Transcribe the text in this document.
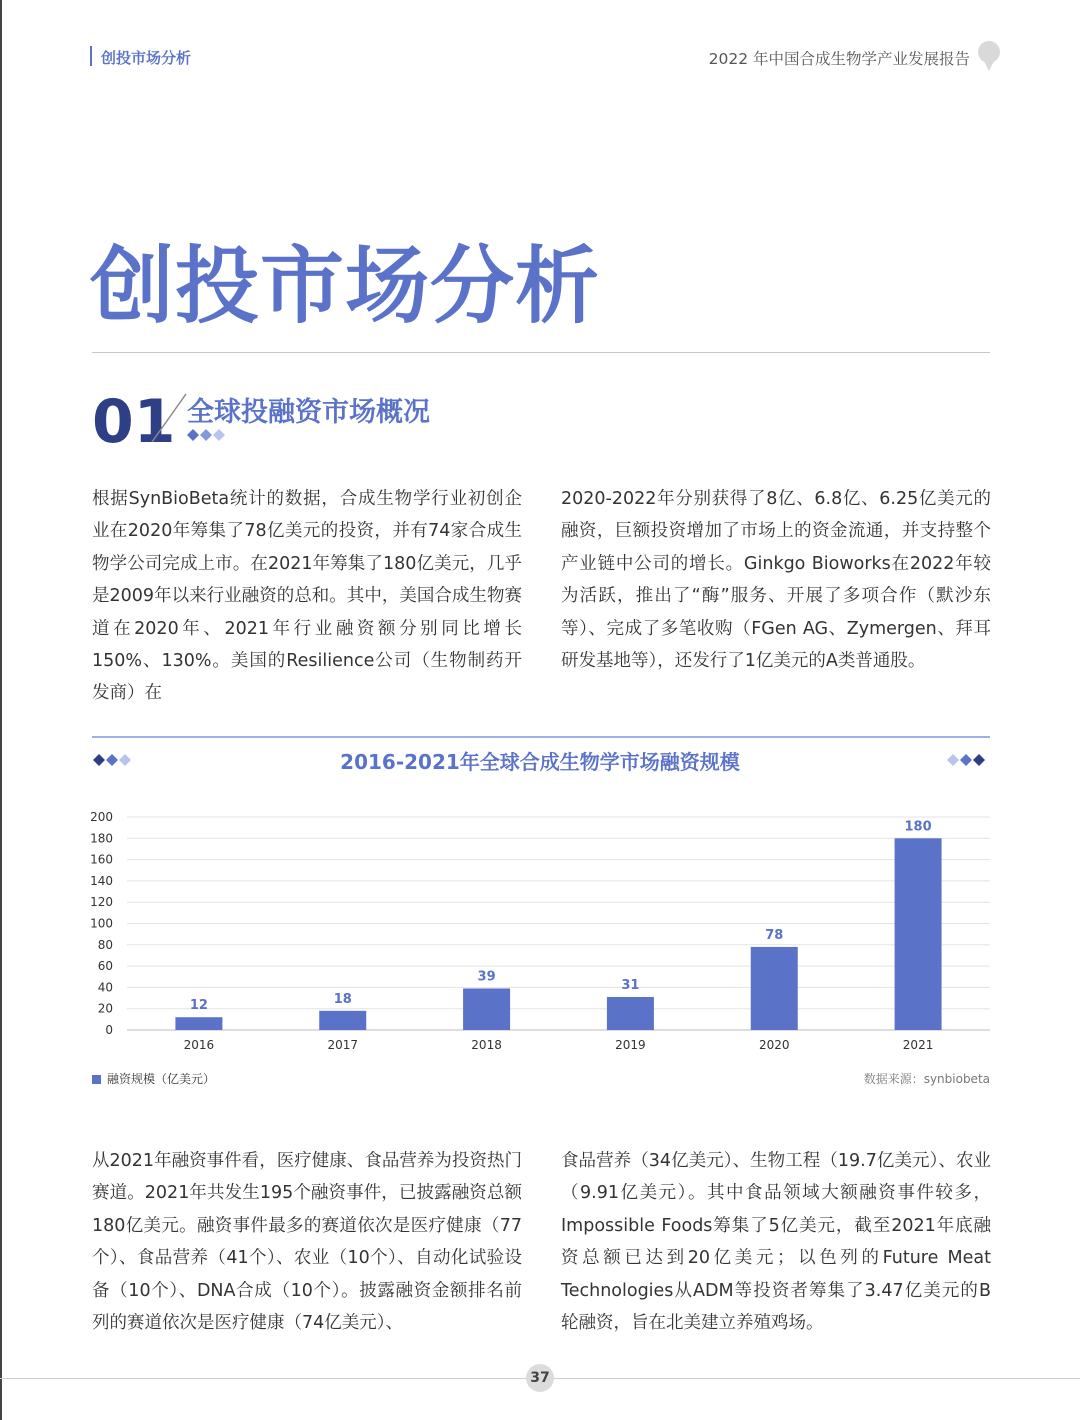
创投市场分析	2022 年中国合成生物学产业发展报告
创投市场分析
01 全球投融资市场概况
根据SynBioBeta统计的数据，合成生物学行业初创企业在2020年筹集了78亿美元的投资，并有74家合成生物学公司完成上市。在2021年筹集了180亿美元，几乎是2009年以来行业融资的总和。其中，美国合成生物赛道在2020年、2021年行业融资额分别同比增长150%、130%。美国的Resilience公司（生物制药开发商）在
2020-2022年分别获得了8亿、6.8亿、6.25亿美元的融资，巨额投资增加了市场上的资金流通，并支持整个产业链中公司的增长。Ginkgo Bioworks在2022年较为活跃，推出了“酶”服务、开展了多项合作（默沙东等）、完成了多笔收购（FGen AG、Zymergen、拜耳研发基地等），还发行了1亿美元的A类普通股。
2016-2021年全球合成生物学市场融资规模
0
20
40
60
80
100
120
140
160
180
200
12
2016
18
2017
39
2018
31
2019
78
2020
180
2021
融资规模（亿美元）	数据来源：synbiobeta
从2021年融资事件看，医疗健康、食品营养为投资热门赛道。2021年共发生195个融资事件，已披露融资总额180亿美元。融资事件最多的赛道依次是医疗健康（77个）、食品营养（41个）、农业（10个）、自动化试验设备（10个）、DNA合成（10个）。披露融资金额排名前列的赛道依次是医疗健康（74亿美元）、
食品营养（34亿美元）、生物工程（19.7亿美元）、农业（9.91亿美元）。其中食品领域大额融资事件较多，Impossible Foods筹集了5亿美元，截至2021年底融资总额已达到20亿美元；以色列的Future Meat Technologies从ADM等投资者筹集了3.47亿美元的B轮融资，旨在北美建立养殖鸡场。
37
